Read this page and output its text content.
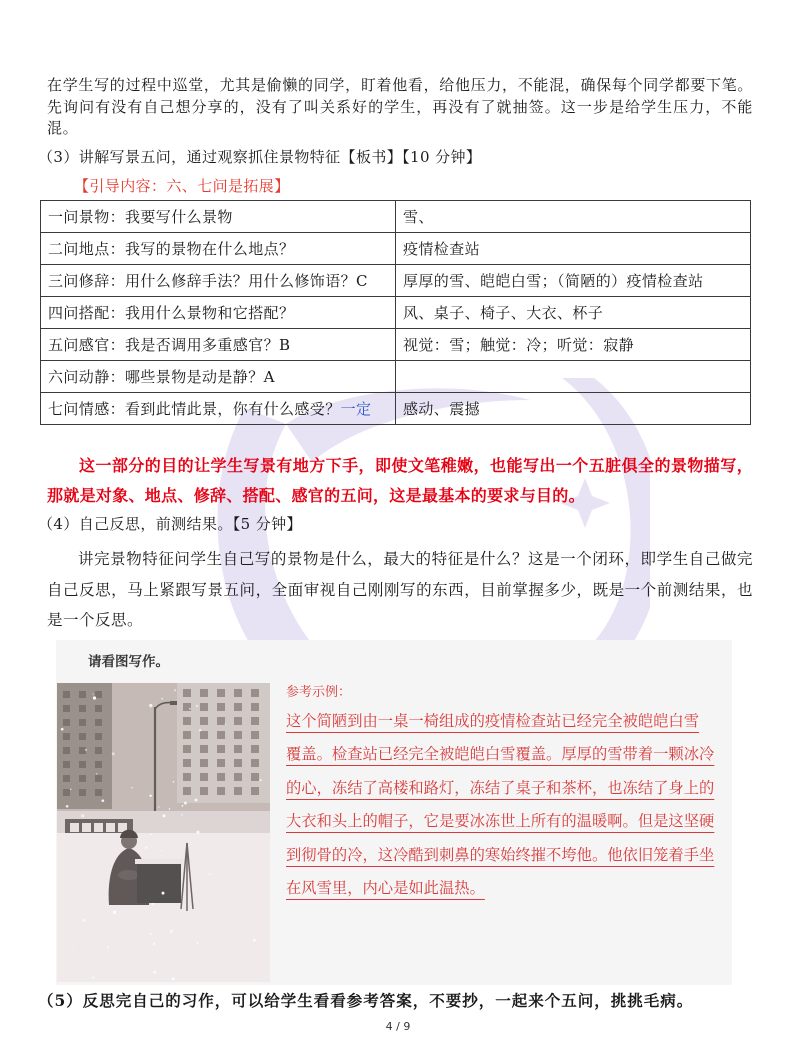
在学生写的过程中巡堂，尤其是偷懒的同学，盯着他看，给他压力，不能混，确保每个同学都要下笔。先询问有没有自己想分享的，没有了叫关系好的学生，再没有了就抽签。这一步是给学生压力，不能混。

（3）讲解写景五问，通过观察抓住景物特征【板书】【10 分钟】
【引导内容：六、七问是拓展】
一问景物：我要写什么景物	雪、
二问地点：我写的景物在什么地点？	疫情检查站
三问修辞：用什么修辞手法？用什么修饰语？C	厚厚的雪、皑皑白雪；（简陋的）疫情检查站
四问搭配：我用什么景物和它搭配？	风、桌子、椅子、大衣、杯子
五问感官：我是否调用多重感官？B	视觉：雪；触觉：冷；听觉：寂静
六问动静：哪些景物是动是静？A	
七问情感：看到此情此景，你有什么感受？一定	感动、震撼

这一部分的目的让学生写景有地方下手，即使文笔稚嫩，也能写出一个五脏俱全的景物描写，那就是对象、地点、修辞、搭配、感官的五问，这是最基本的要求与目的。

（4）自己反思，前测结果。【5 分钟】

讲完景物特征问学生自己写的景物是什么，最大的特征是什么？这是一个闭环，即学生自己做完自己反思，马上紧跟写景五问，全面审视自己刚刚写的东西，目前掌握多少，既是一个前测结果，也是一个反思。

请看图写作。
参考示例：
这个简陋到由一桌一椅组成的疫情检查站已经完全被皑皑白雪
覆盖。检查站已经完全被皑皑白雪覆盖。厚厚的雪带着一颗冰冷
的心，冻结了高楼和路灯，冻结了桌子和茶杯，也冻结了身上的
大衣和头上的帽子，它是要冰冻世上所有的温暖啊。但是这坚硬
到彻骨的冷，这冷酷到刺鼻的寒始终摧不垮他。他依旧笼着手坐
在风雪里，内心是如此温热。

（5）反思完自己的习作，可以给学生看看参考答案，不要抄，一起来个五问，挑挑毛病。

4 / 9
